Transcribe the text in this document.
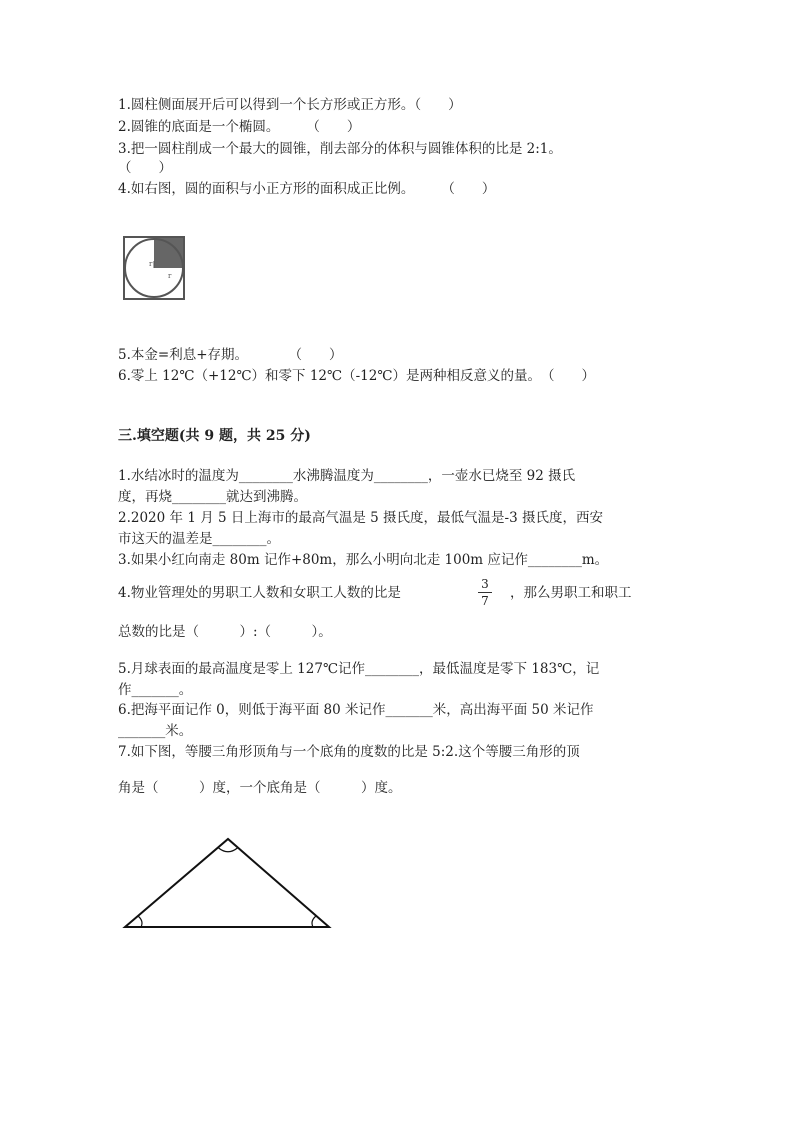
1.圆柱侧面展开后可以得到一个长方形或正方形。（　　）
2.圆锥的底面是一个椭圆。　　　（　　）
3.把一圆柱削成一个最大的圆锥，削去部分的体积与圆锥体积的比是 2:1。
（　　）
4.如右图，圆的面积与小正方形的面积成正比例。　　　（　　）
r
r
5.本金=利息+存期。　　　　（　　）
6.零上 12℃（+12℃）和零下 12℃（-12℃）是两种相反意义的量。　（　　）
三.填空题(共 9 题，共 25 分)
1.水结冰时的温度为________水沸腾温度为________，一壶水已烧至 92 摄氏
度，再烧________就达到沸腾。
2.2020 年 1 月 5 日上海市的最高气温是 5 摄氏度，最低气温是-3 摄氏度，西安
市这天的温差是________。
3.如果小红向南走 80m 记作+80m，那么小明向北走 100m 应记作________m。
4.物业管理处的男职工人数和女职工人数的比是
3
7 ，那么男职工和职工
总数的比是（　　　）:（　　　）。
5.月球表面的最高温度是零上 127℃记作________，最低温度是零下 183℃，记
作_______。
6.把海平面记作 0，则低于海平面 80 米记作_______米，高出海平面 50 米记作
_______米。
7.如下图，等腰三角形顶角与一个底角的度数的比是 5:2.这个等腰三角形的顶
角是（　　　）度，一个底角是（　　　）度。
